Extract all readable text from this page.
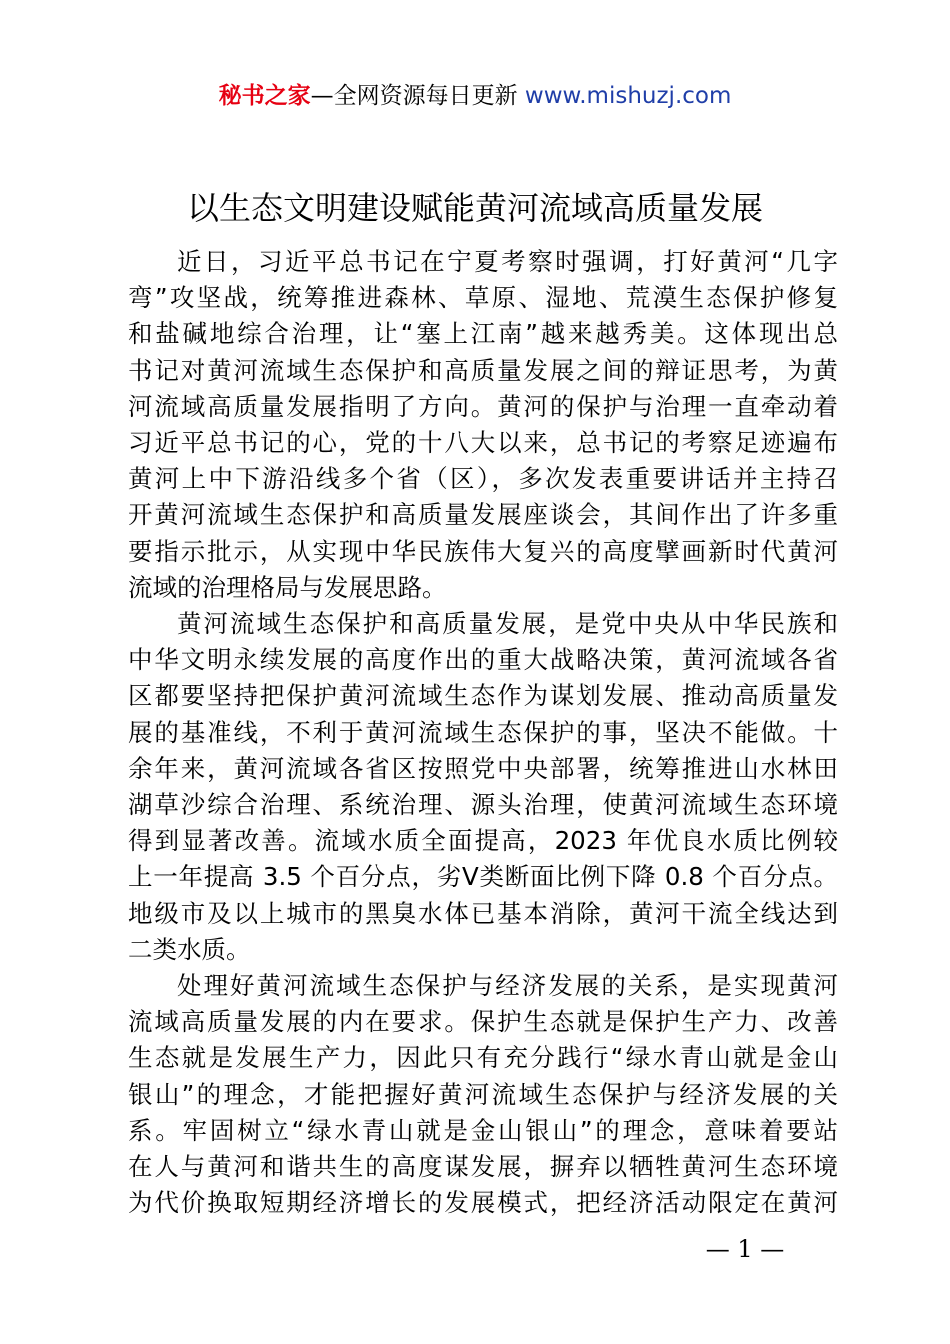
秘书之家—全网资源每日更新 www.mishuzj.com
以生态文明建设赋能黄河流域高质量发展

近日，习近平总书记在宁夏考察时强调，打好黄河“几字
弯”攻坚战，统筹推进森林、草原、湿地、荒漠生态保护修复
和盐碱地综合治理，让“塞上江南”越来越秀美。这体现出总
书记对黄河流域生态保护和高质量发展之间的辩证思考，为黄
河流域高质量发展指明了方向。黄河的保护与治理一直牵动着
习近平总书记的心，党的十八大以来，总书记的考察足迹遍布
黄河上中下游沿线多个省（区），多次发表重要讲话并主持召
开黄河流域生态保护和高质量发展座谈会，其间作出了许多重
要指示批示，从实现中华民族伟大复兴的高度擘画新时代黄河
流域的治理格局与发展思路。

黄河流域生态保护和高质量发展，是党中央从中华民族和
中华文明永续发展的高度作出的重大战略决策，黄河流域各省
区都要坚持把保护黄河流域生态作为谋划发展、推动高质量发
展的基准线，不利于黄河流域生态保护的事，坚决不能做。十
余年来，黄河流域各省区按照党中央部署，统筹推进山水林田
湖草沙综合治理、系统治理、源头治理，使黄河流域生态环境
得到显著改善。流域水质全面提高，2023 年优良水质比例较
上一年提高 3.5 个百分点，劣Ⅴ类断面比例下降 0.8 个百分点。
地级市及以上城市的黑臭水体已基本消除，黄河干流全线达到
二类水质。

处理好黄河流域生态保护与经济发展的关系，是实现黄河
流域高质量发展的内在要求。保护生态就是保护生产力、改善
生态就是发展生产力，因此只有充分践行“绿水青山就是金山
银山”的理念，才能把握好黄河流域生态保护与经济发展的关
系。牢固树立“绿水青山就是金山银山”的理念，意味着要站
在人与黄河和谐共生的高度谋发展，摒弃以牺牲黄河生态环境
为代价换取短期经济增长的发展模式，把经济活动限定在黄河

— 1 —
